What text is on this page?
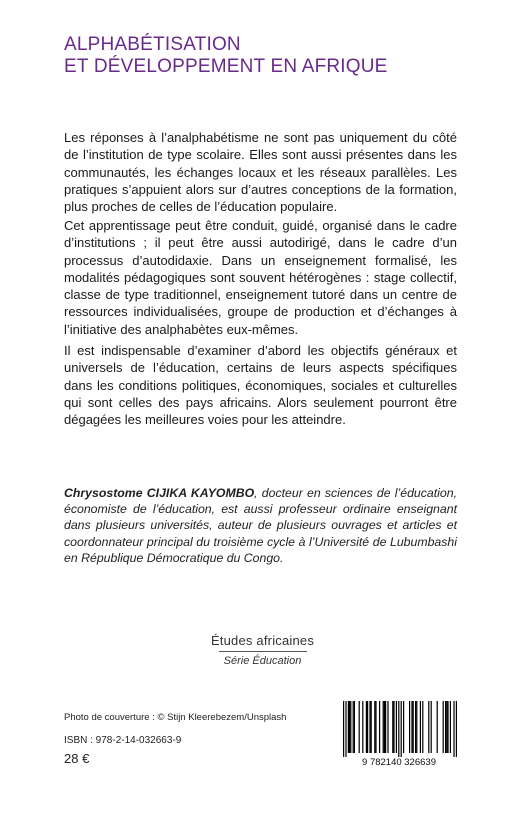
ALPHABÉTISATION
ET DÉVELOPPEMENT EN AFRIQUE
Les réponses à l’analphabétisme ne sont pas uniquement du côté de l’institution de type scolaire. Elles sont aussi présentes dans les communautés, les échanges locaux et les réseaux parallèles. Les pratiques s’appuient alors sur d’autres conceptions de la formation, plus proches de celles de l’éducation populaire.
Cet apprentissage peut être conduit, guidé, organisé dans le cadre d’institutions ; il peut être aussi autodirigé, dans le cadre d’un processus d’autodidaxie. Dans un enseignement formalisé, les modalités pédagogiques sont souvent hétérogènes : stage collectif, classe de type traditionnel, enseignement tutoré dans un centre de ressources individualisées, groupe de production et d’échanges à l’initiative des analphabètes eux-mêmes.
Il est indispensable d’examiner d’abord les objectifs généraux et universels de l’éducation, certains de leurs aspects spécifiques dans les conditions politiques, économiques, sociales et culturelles qui sont celles des pays africains. Alors seulement pourront être dégagées les meilleures voies pour les atteindre.
Chrysostome CIJIKA KAYOMBO, docteur en sciences de l’éducation, économiste de l’éducation, est aussi professeur ordinaire enseignant dans plusieurs universités, auteur de plusieurs ouvrages et articles et coordonnateur principal du troisième cycle à l’Université de Lubumbashi en République Démocratique du Congo.
Études africaines
Série Éducation
Photo de couverture : © Stijn Kleerebezem/Unsplash
ISBN : 978-2-14-032663-9
28 €	9 782140 326639
